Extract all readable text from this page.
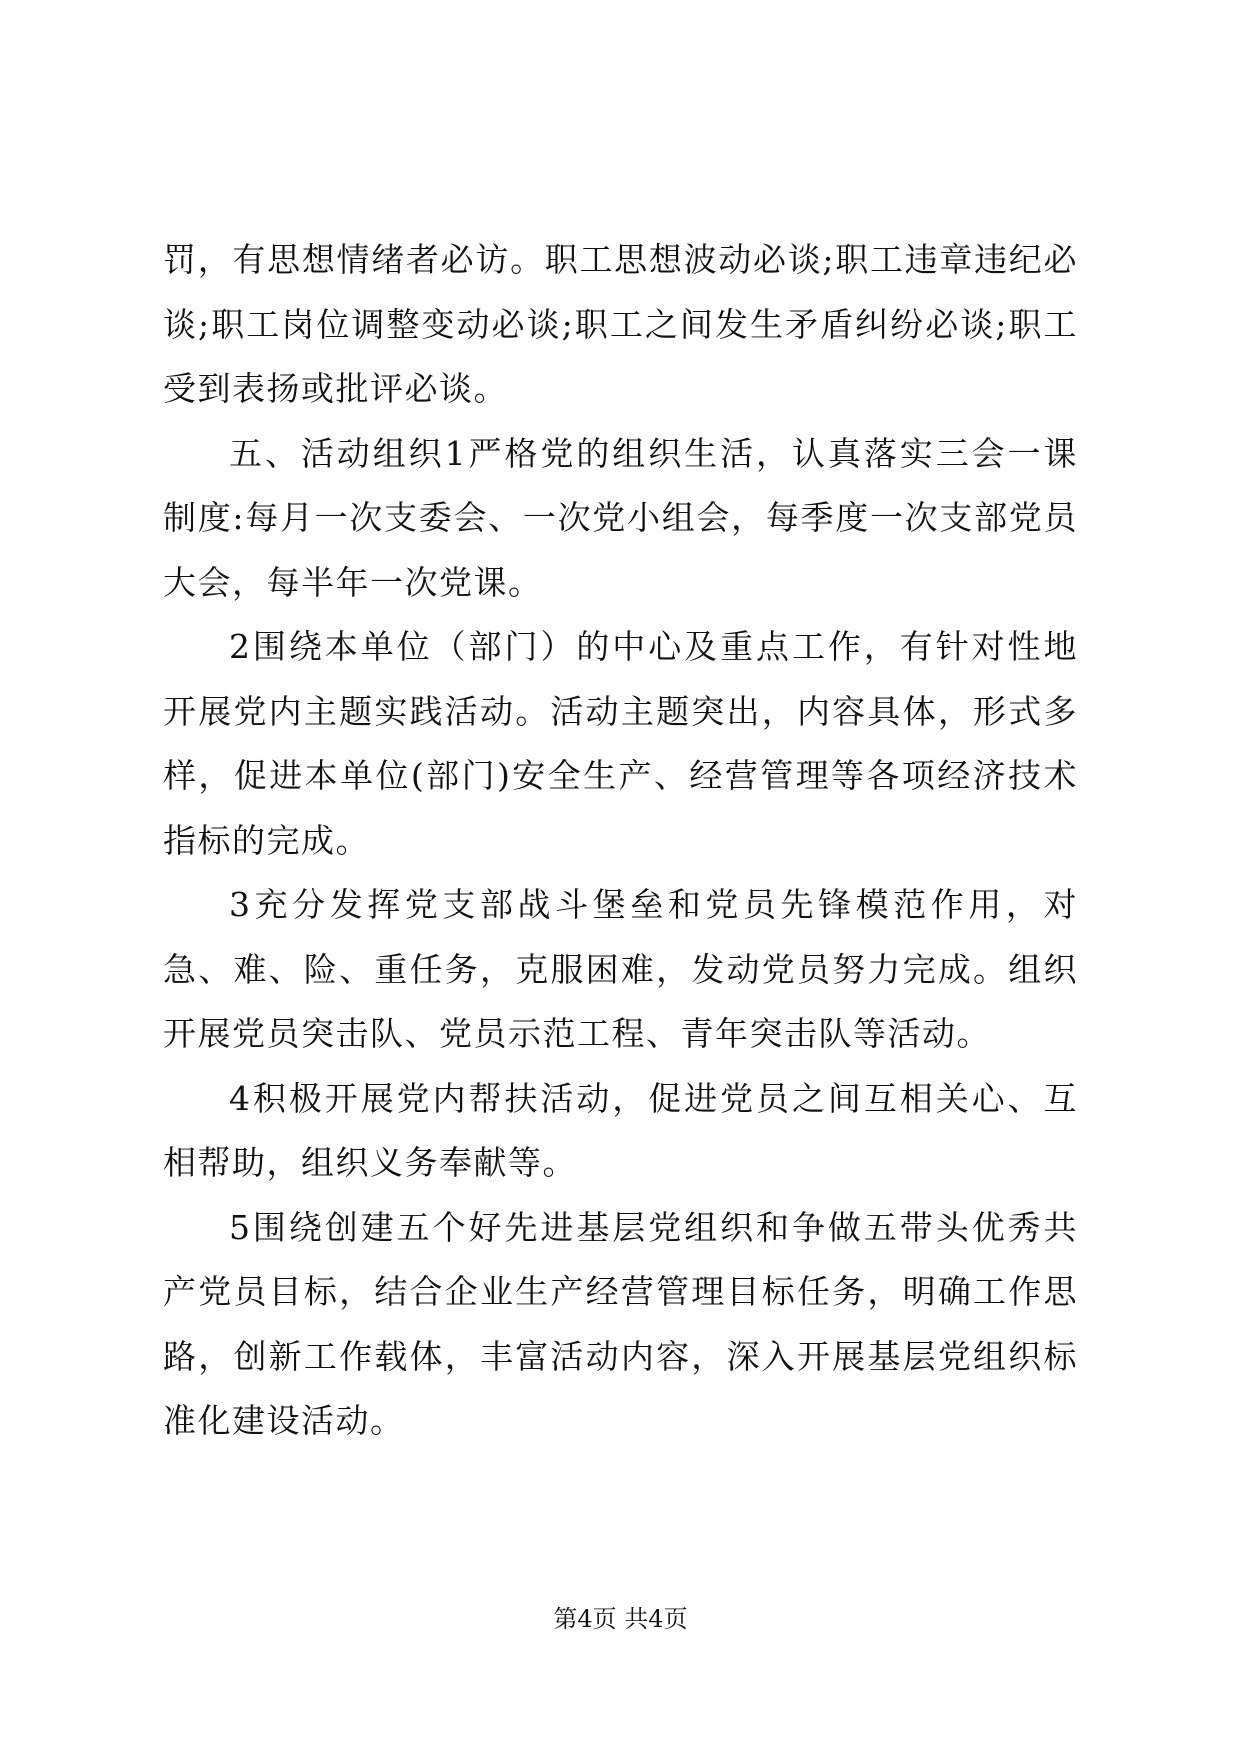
罚，有思想情绪者必访。职工思想波动必谈;职工违章违纪必谈;职工岗位调整变动必谈;职工之间发生矛盾纠纷必谈;职工受到表扬或批评必谈。

五、活动组织1严格党的组织生活，认真落实三会一课制度:每月一次支委会、一次党小组会，每季度一次支部党员大会，每半年一次党课。

2围绕本单位（部门）的中心及重点工作，有针对性地开展党内主题实践活动。活动主题突出，内容具体，形式多样，促进本单位(部门)安全生产、经营管理等各项经济技术指标的完成。

3充分发挥党支部战斗堡垒和党员先锋模范作用，对急、难、险、重任务，克服困难，发动党员努力完成。组织开展党员突击队、党员示范工程、青年突击队等活动。

4积极开展党内帮扶活动，促进党员之间互相关心、互相帮助，组织义务奉献等。

5围绕创建五个好先进基层党组织和争做五带头优秀共产党员目标，结合企业生产经营管理目标任务，明确工作思路，创新工作载体，丰富活动内容，深入开展基层党组织标准化建设活动。

第4页 共4页
